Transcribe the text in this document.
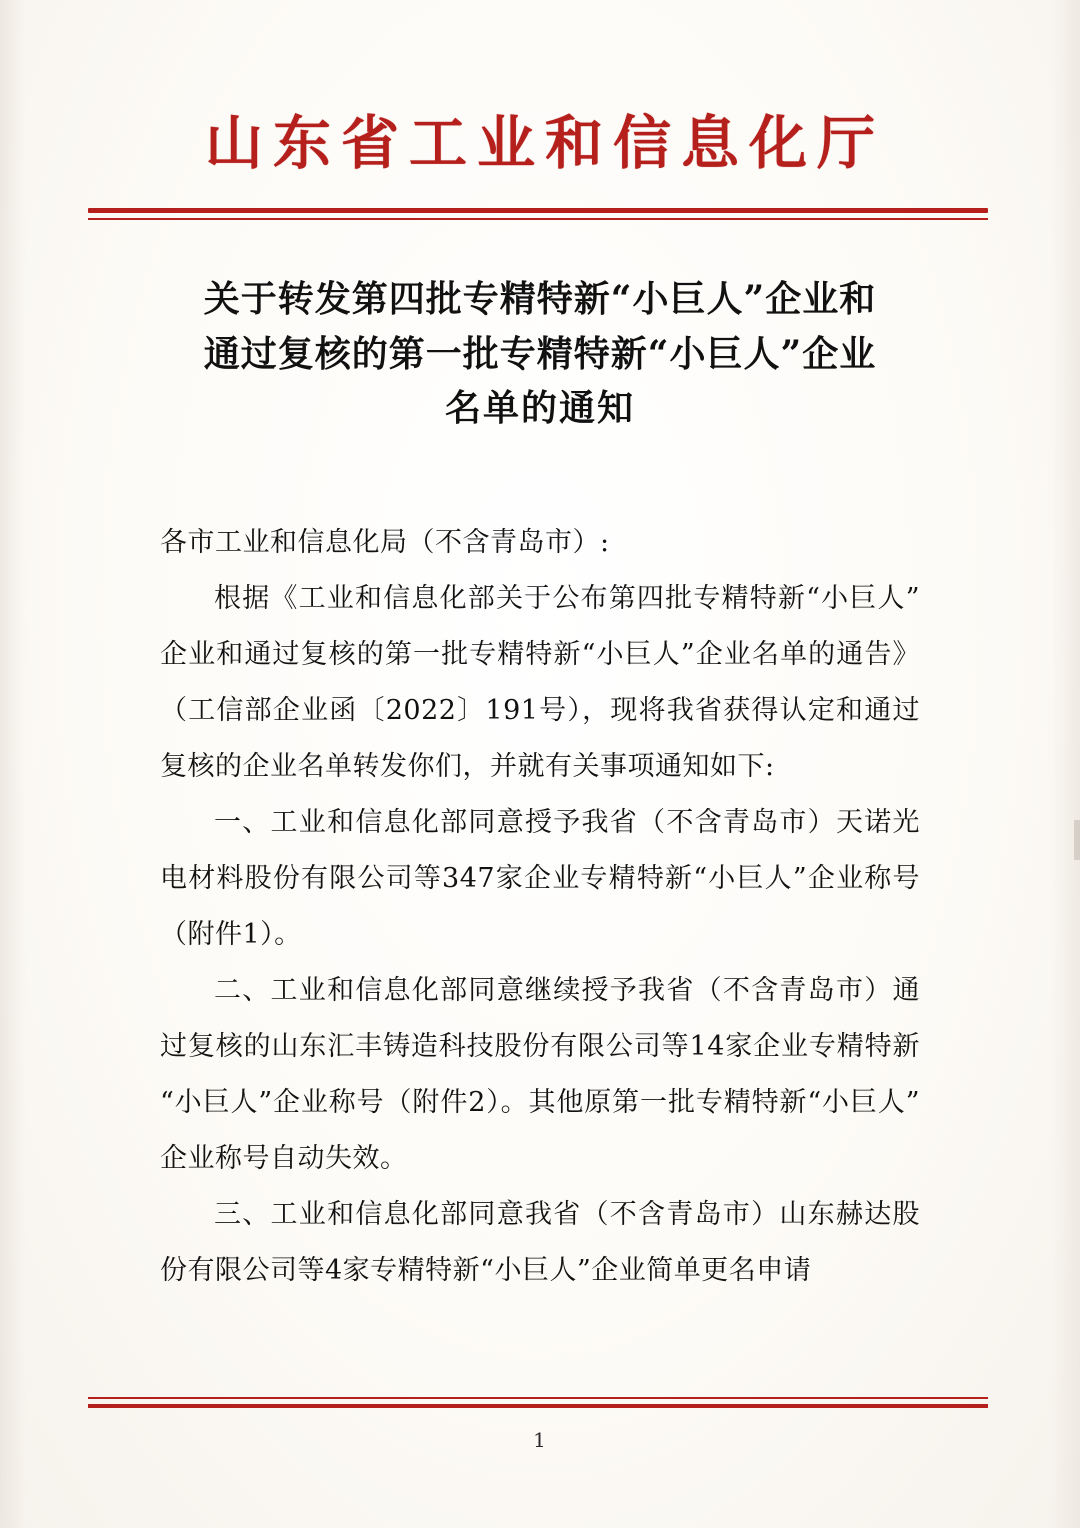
山东省工业和信息化厅
关于转发第四批专精特新“小巨人”企业和
通过复核的第一批专精特新“小巨人”企业
名单的通知

各市工业和信息化局（不含青岛市）:

根据《工业和信息化部关于公布第四批专精特新“小巨人”企业和通过复核的第一批专精特新“小巨人”企业名单的通告》（工信部企业函〔2022〕191号），现将我省获得认定和通过复核的企业名单转发你们，并就有关事项通知如下:

一、工业和信息化部同意授予我省（不含青岛市）天诺光电材料股份有限公司等347家企业专精特新“小巨人”企业称号（附件1）。

二、工业和信息化部同意继续授予我省（不含青岛市）通过复核的山东汇丰铸造科技股份有限公司等14家企业专精特新“小巨人”企业称号（附件2）。其他原第一批专精特新“小巨人”企业称号自动失效。

三、工业和信息化部同意我省（不含青岛市）山东赫达股份有限公司等4家专精特新“小巨人”企业简单更名申请

1
